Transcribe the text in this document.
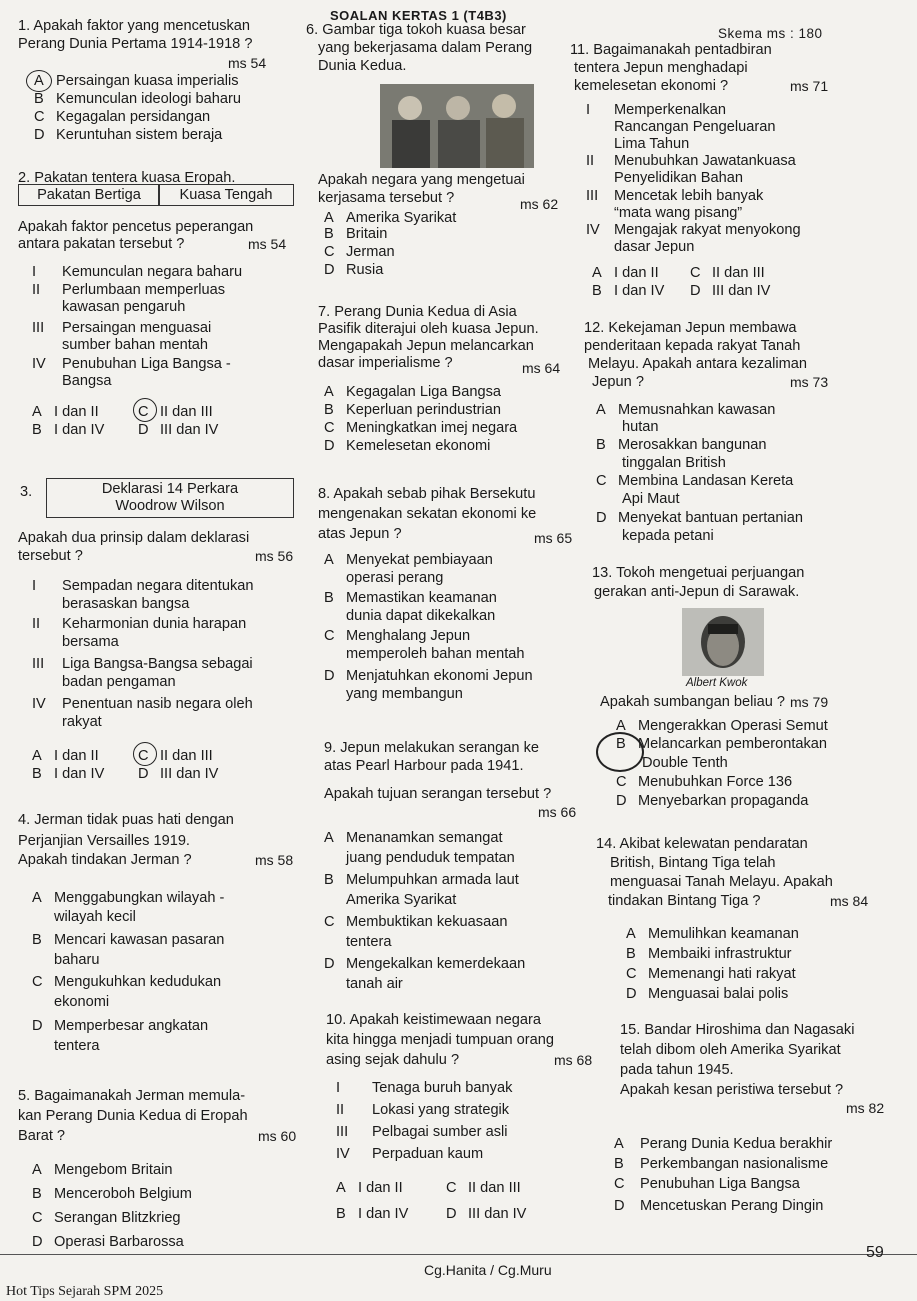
SOALAN KERTAS 1 (T4B3)
Skema ms : 180
1. Apakah faktor yang mencetuskan
Perang Dunia Pertama 1914-1918 ?
ms 54
A Persaingan kuasa imperialis
B Kemunculan ideologi baharu
C Kegagalan persidangan
D Keruntuhan sistem beraja
2. Pakatan tentera kuasa Eropah.
Pakatan Bertiga	Kuasa Tengah
Apakah faktor pencetus peperangan
antara pakatan tersebut ?	ms 54
I Kemunculan negara baharu
II Perlumbaan memperluas
kawasan pengaruh
III Persaingan menguasai
sumber bahan mentah
IV Penubuhan Liga Bangsa -
Bangsa
A I dan II
B I dan IV
C II dan III
D III dan IV
3.	Deklarasi 14 Perkara
Woodrow Wilson
Apakah dua prinsip dalam deklarasi
tersebut ?	ms 56
I Sempadan negara ditentukan
berasaskan bangsa
II Keharmonian dunia harapan
bersama
III Liga Bangsa-Bangsa sebagai
badan pengaman
IV Penentuan nasib negara oleh
rakyat
A I dan II
B I dan IV
C II dan III
D III dan IV
4. Jerman tidak puas hati dengan
Perjanjian Versailles 1919.
Apakah tindakan Jerman ?	ms 58
A Menggabungkan wilayah -
wilayah kecil
B Mencari kawasan pasaran
baharu
C Mengukuhkan kedudukan
ekonomi
D Memperbesar angkatan
tentera
5. Bagaimanakah Jerman memula-
kan Perang Dunia Kedua di Eropah
Barat ?	ms 60
A Mengebom Britain
B Menceroboh Belgium
C Serangan Blitzkrieg
D Operasi Barbarossa
6. Gambar tiga tokoh kuasa besar
yang bekerjasama dalam Perang
Dunia Kedua.
Apakah negara yang mengetuai
kerjasama tersebut ?	ms 62
A Amerika Syarikat
B Britain
C Jerman
D Rusia
7. Perang Dunia Kedua di Asia
Pasifik diterajui oleh kuasa Jepun.
Mengapakah Jepun melancarkan
dasar imperialisme ?	ms 64
A Kegagalan Liga Bangsa
B Keperluan perindustrian
C Meningkatkan imej negara
D Kemelesetan ekonomi
8. Apakah sebab pihak Bersekutu
mengenakan sekatan ekonomi ke
atas Jepun ?	ms 65
A Menyekat pembiayaan
operasi perang
B Memastikan keamanan
dunia dapat dikekalkan
C Menghalang Jepun
memperoleh bahan mentah
D Menjatuhkan ekonomi Jepun
yang membangun
9. Jepun melakukan serangan ke
atas Pearl Harbour pada 1941.
Apakah tujuan serangan tersebut ?
ms 66
A Menanamkan semangat
juang penduduk tempatan
B Melumpuhkan armada laut
Amerika Syarikat
C Membuktikan kekuasaan
tentera
D Mengekalkan kemerdekaan
tanah air
10. Apakah keistimewaan negara
kita hingga menjadi tumpuan orang
asing sejak dahulu ?	ms 68
I Tenaga buruh banyak
II Lokasi yang strategik
III Pelbagai sumber asli
IV Perpaduan kaum
A I dan II
B I dan IV
C II dan III
D III dan IV
11. Bagaimanakah pentadbiran
tentera Jepun menghadapi
kemelesetan ekonomi ?	ms 71
I Memperkenalkan
Rancangan Pengeluaran
Lima Tahun
II Menubuhkan Jawatankuasa
Penyelidikan Bahan
III Mencetak lebih banyak
“mata wang pisang”
IV Mengajak rakyat menyokong
dasar Jepun
A I dan II
B I dan IV
C II dan III
D III dan IV
12. Kekejaman Jepun membawa
penderitaan kepada rakyat Tanah
Melayu. Apakah antara kezaliman
Jepun ?	ms 73
A Memusnahkan kawasan
hutan
B Merosakkan bangunan
tinggalan British
C Membina Landasan Kereta
Api Maut
D Menyekat bantuan pertanian
kepada petani
13. Tokoh mengetuai perjuangan
gerakan anti-Jepun di Sarawak.
Albert Kwok
Apakah sumbangan beliau ? ms 79
A Mengerakkan Operasi Semut
B Melancarkan pemberontakan
Double Tenth
C Menubuhkan Force 136
D Menyebarkan propaganda
14. Akibat kelewatan pendaratan
British, Bintang Tiga telah
menguasai Tanah Melayu. Apakah
tindakan Bintang Tiga ?	ms 84
A Memulihkan keamanan
B Membaiki infrastruktur
C Memenangi hati rakyat
D Menguasai balai polis
15. Bandar Hiroshima dan Nagasaki
telah dibom oleh Amerika Syarikat
pada tahun 1945.
Apakah kesan peristiwa tersebut ?
ms 82
A Perang Dunia Kedua berakhir
B Perkembangan nasionalisme
C Penubuhan Liga Bangsa
D Mencetuskan Perang Dingin
59
Cg.Hanita / Cg.Muru
Hot Tips Sejarah SPM 2025
